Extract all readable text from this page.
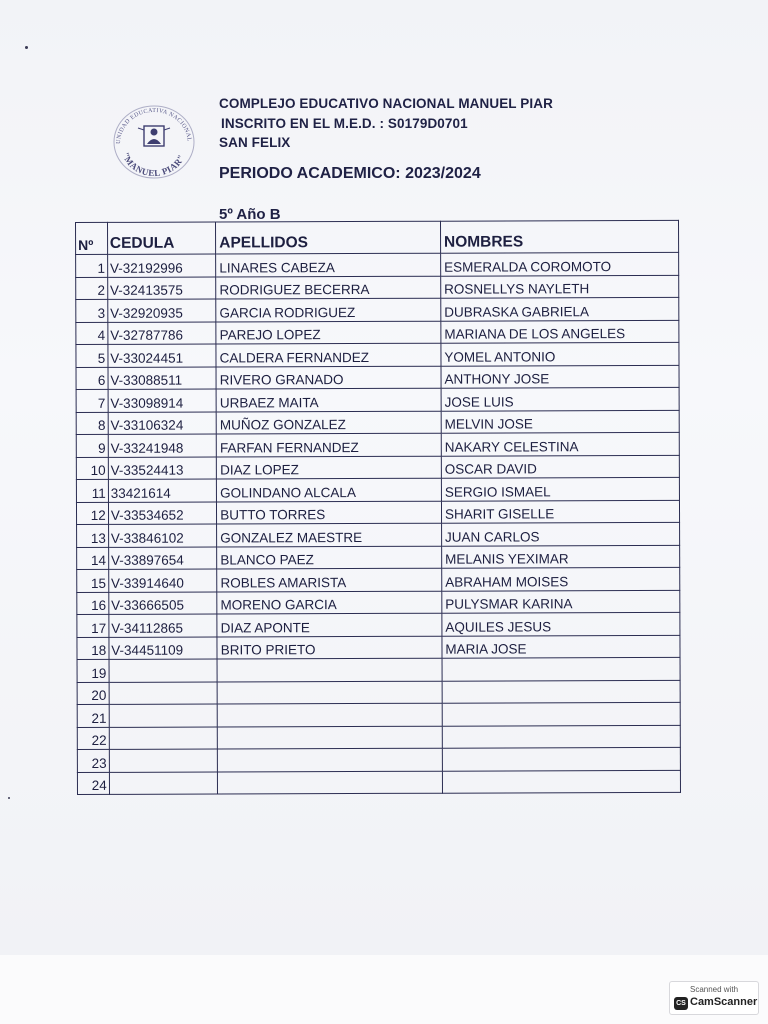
UNIDAD EDUCATIVA NACIONAL
"MANUEL PIAR"
COMPLEJO EDUCATIVO NACIONAL MANUEL PIAR
INSCRITO EN EL M.E.D. : S0179D0701
SAN FELIX
PERIODO ACADEMICO: 2023/2024
5º Año B
Nº	CEDULA	APELLIDOS	NOMBRES
1	V-32192996	LINARES CABEZA	ESMERALDA COROMOTO
2	V-32413575	RODRIGUEZ BECERRA	ROSNELLYS NAYLETH
3	V-32920935	GARCIA RODRIGUEZ	DUBRASKA GABRIELA
4	V-32787786	PAREJO LOPEZ	MARIANA DE LOS ANGELES
5	V-33024451	CALDERA FERNANDEZ	YOMEL ANTONIO
6	V-33088511	RIVERO GRANADO	ANTHONY JOSE
7	V-33098914	URBAEZ MAITA	JOSE LUIS
8	V-33106324	MUÑOZ GONZALEZ	MELVIN JOSE
9	V-33241948	FARFAN FERNANDEZ	NAKARY CELESTINA
10	V-33524413	DIAZ LOPEZ	OSCAR DAVID
11	33421614	GOLINDANO ALCALA	SERGIO ISMAEL
12	V-33534652	BUTTO TORRES	SHARIT GISELLE
13	V-33846102	GONZALEZ MAESTRE	JUAN CARLOS
14	V-33897654	BLANCO PAEZ	MELANIS YEXIMAR
15	V-33914640	ROBLES AMARISTA	ABRAHAM MOISES
16	V-33666505	MORENO GARCIA	PULYSMAR KARINA
17	V-34112865	DIAZ APONTE	AQUILES JESUS
18	V-34451109	BRITO PRIETO	MARIA JOSE
19			
20			
21			
22			
23			
24			
Scanned with
CS CamScanner
